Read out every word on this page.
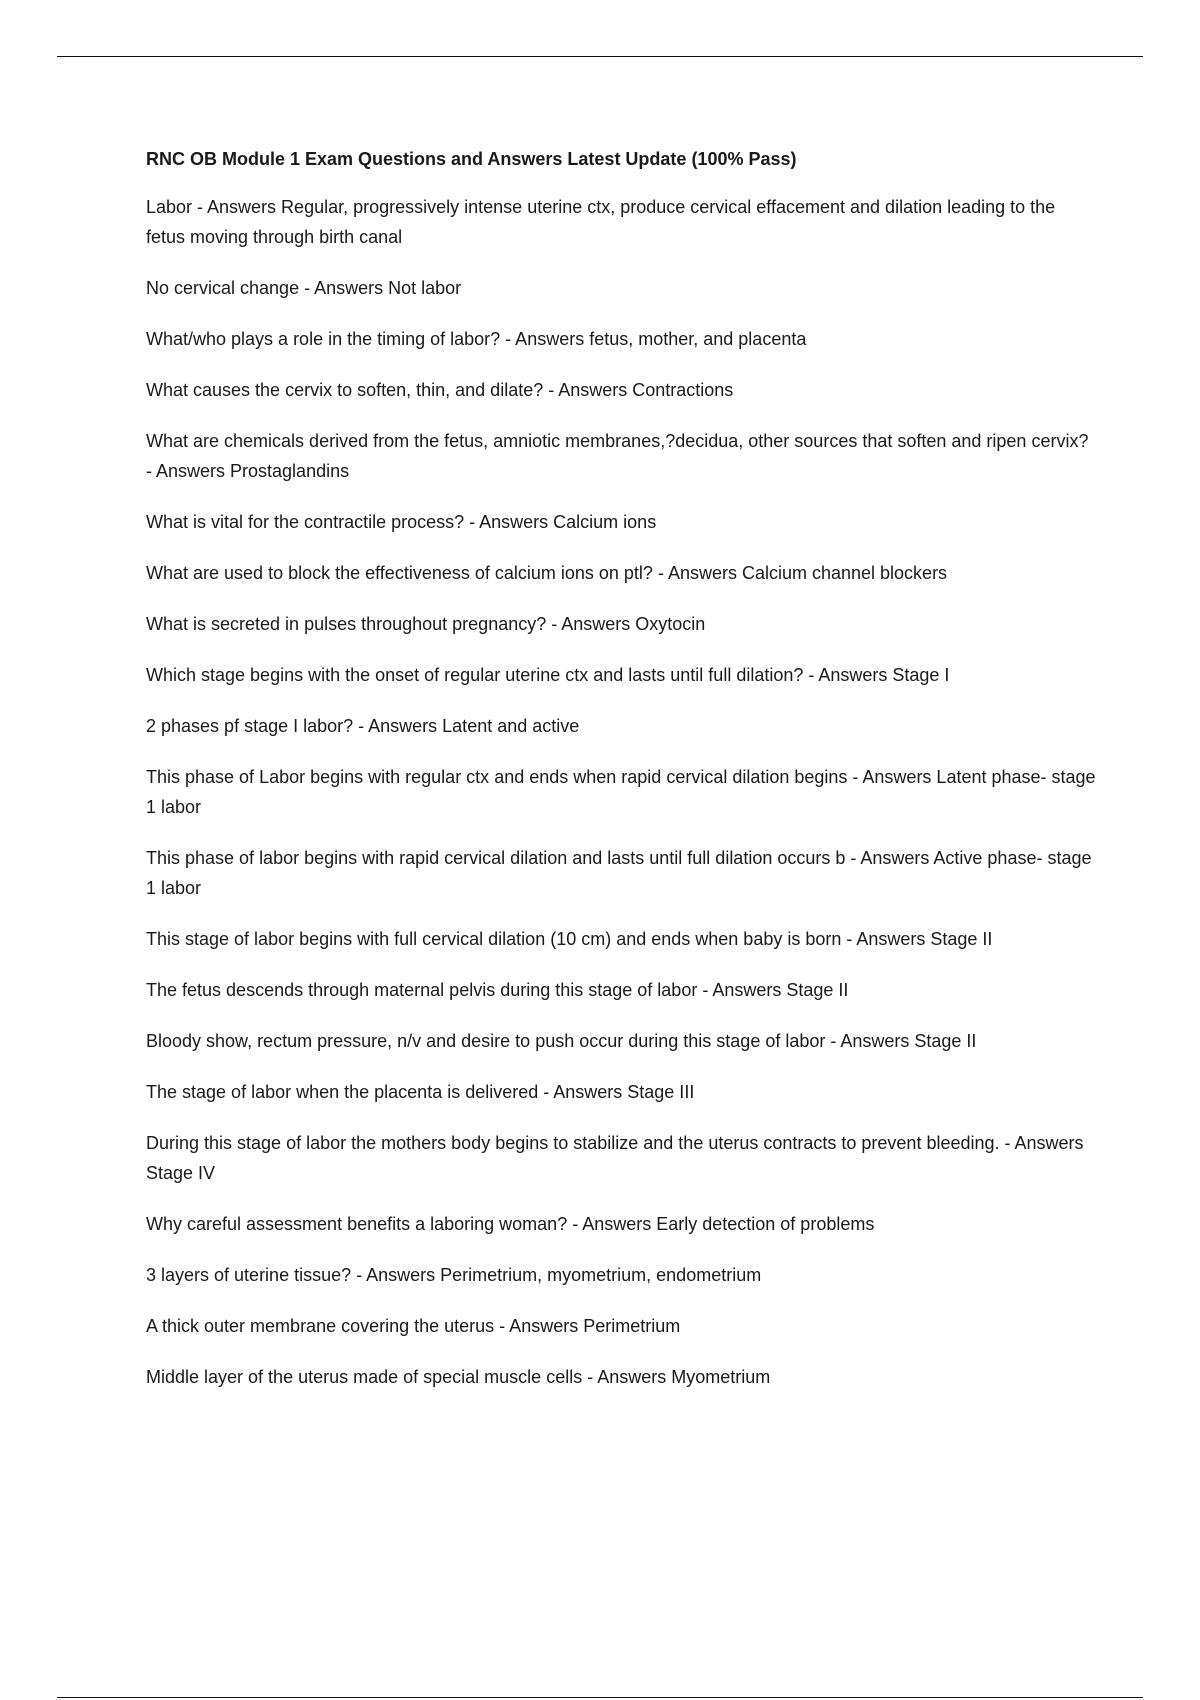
RNC OB Module 1 Exam Questions and Answers Latest Update (100% Pass)
Labor - Answers Regular, progressively intense uterine ctx, produce cervical effacement and dilation leading to the fetus moving through birth canal
No cervical change - Answers Not labor
What/who plays a role in the timing of labor? - Answers fetus, mother, and placenta
What causes the cervix to soften, thin, and dilate? - Answers Contractions
What are chemicals derived from the fetus, amniotic membranes,?decidua, other sources that soften and ripen cervix? - Answers Prostaglandins
What is vital for the contractile process? - Answers Calcium ions
What are used to block the effectiveness of calcium ions on ptl? - Answers Calcium channel blockers
What is secreted in pulses throughout pregnancy? - Answers Oxytocin
Which stage begins with the onset of regular uterine ctx and lasts until full dilation? - Answers Stage I
2 phases pf stage I labor? - Answers Latent and active
This phase of Labor begins with regular ctx and ends when rapid cervical dilation begins - Answers Latent phase- stage 1 labor
This phase of labor begins with rapid cervical dilation and lasts until full dilation occurs b - Answers Active phase- stage 1 labor
This stage of labor begins with full cervical dilation (10 cm) and ends when baby is born - Answers Stage II
The fetus descends through maternal pelvis during this stage of labor - Answers Stage II
Bloody show, rectum pressure, n/v and desire to push occur during this stage of labor - Answers Stage II
The stage of labor when the placenta is delivered - Answers Stage III
During this stage of labor the mothers body begins to stabilize and the uterus contracts to prevent bleeding. - Answers Stage IV
Why careful assessment benefits a laboring woman? - Answers Early detection of problems
3 layers of uterine tissue? - Answers Perimetrium, myometrium, endometrium
A thick outer membrane covering the uterus - Answers Perimetrium
Middle layer of the uterus made of special muscle cells - Answers Myometrium
